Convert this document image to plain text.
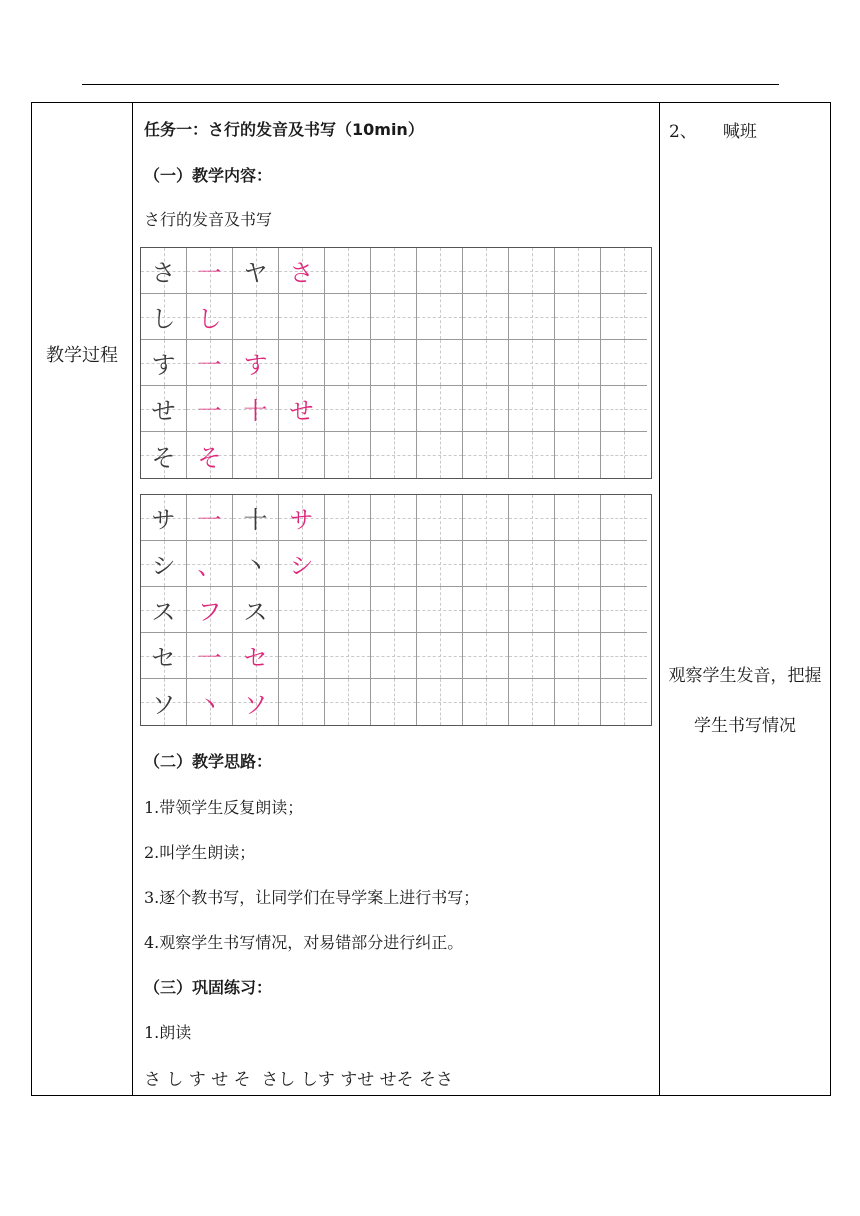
教学过程
任务一：さ行的发音及书写（10min）
（一）教学内容：
さ行的发音及书写
さ 一 ヤ さ
し し
す 一 す
せ 一 十 せ
そ そ
サ 一 十 サ
シ 、 丶 シ
ス フ ス
セ 一 セ
ソ 丶 ソ
（二）教学思路：
1.带领学生反复朗读；
2.叫学生朗读；
3.逐个教书写，让同学们在导学案上进行书写；
4.观察学生书写情况，对易错部分进行纠正。
（三）巩固练习：
1.朗读
さ し す せ そ  さし しす すせ せそ そさ
2、 喊班
观察学生发音，把握学生书写情况
